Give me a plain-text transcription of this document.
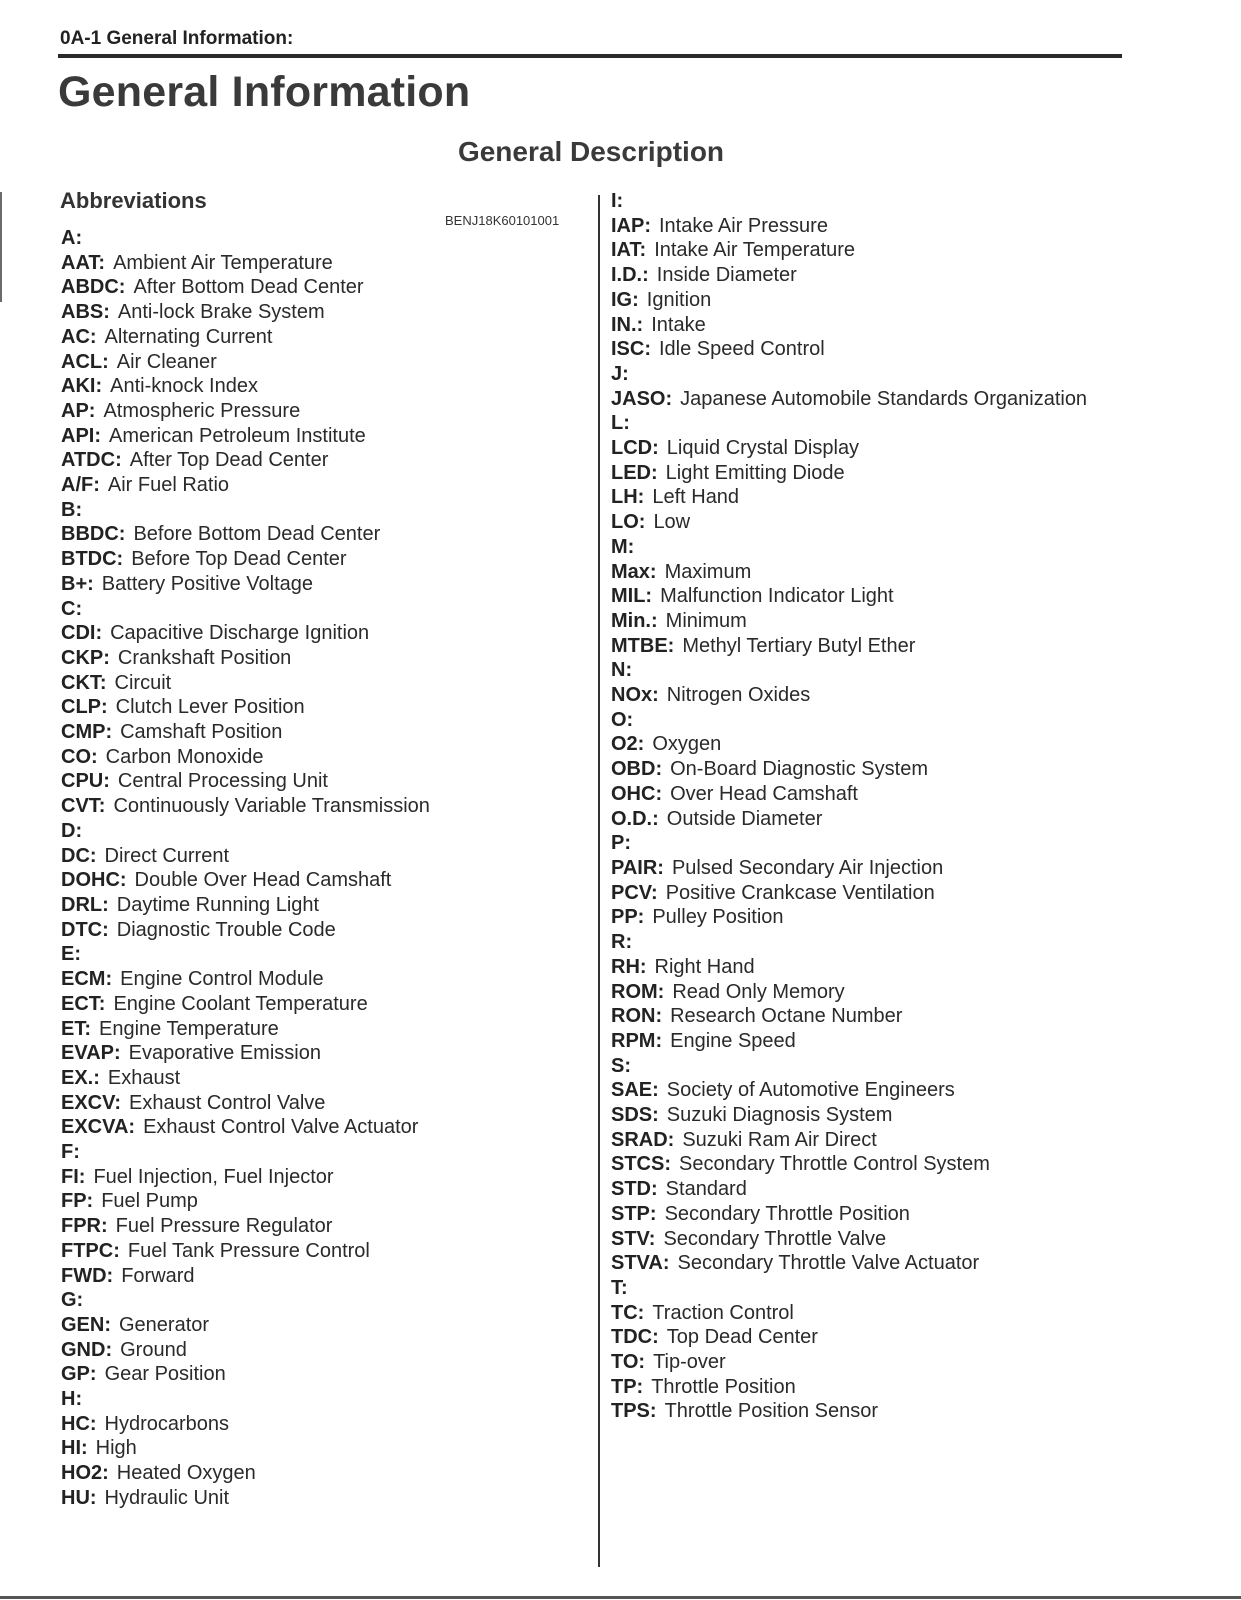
0A-1 General Information:
General Information
General Description
Abbreviations
BENJ18K60101001
A:
AAT: Ambient Air Temperature
ABDC: After Bottom Dead Center
ABS: Anti-lock Brake System
AC: Alternating Current
ACL: Air Cleaner
AKI: Anti-knock Index
AP: Atmospheric Pressure
API: American Petroleum Institute
ATDC: After Top Dead Center
A/F: Air Fuel Ratio
B:
BBDC: Before Bottom Dead Center
BTDC: Before Top Dead Center
B+: Battery Positive Voltage
C:
CDI: Capacitive Discharge Ignition
CKP: Crankshaft Position
CKT: Circuit
CLP: Clutch Lever Position
CMP: Camshaft Position
CO: Carbon Monoxide
CPU: Central Processing Unit
CVT: Continuously Variable Transmission
D:
DC: Direct Current
DOHC: Double Over Head Camshaft
DRL: Daytime Running Light
DTC: Diagnostic Trouble Code
E:
ECM: Engine Control Module
ECT: Engine Coolant Temperature
ET: Engine Temperature
EVAP: Evaporative Emission
EX.: Exhaust
EXCV: Exhaust Control Valve
EXCVA: Exhaust Control Valve Actuator
F:
FI: Fuel Injection, Fuel Injector
FP: Fuel Pump
FPR: Fuel Pressure Regulator
FTPC: Fuel Tank Pressure Control
FWD: Forward
G:
GEN: Generator
GND: Ground
GP: Gear Position
H:
HC: Hydrocarbons
HI: High
HO2: Heated Oxygen
HU: Hydraulic Unit
I:
IAP: Intake Air Pressure
IAT: Intake Air Temperature
I.D.: Inside Diameter
IG: Ignition
IN.: Intake
ISC: Idle Speed Control
J:
JASO: Japanese Automobile Standards Organization
L:
LCD: Liquid Crystal Display
LED: Light Emitting Diode
LH: Left Hand
LO: Low
M:
Max: Maximum
MIL: Malfunction Indicator Light
Min.: Minimum
MTBE: Methyl Tertiary Butyl Ether
N:
NOx: Nitrogen Oxides
O:
O2: Oxygen
OBD: On-Board Diagnostic System
OHC: Over Head Camshaft
O.D.: Outside Diameter
P:
PAIR: Pulsed Secondary Air Injection
PCV: Positive Crankcase Ventilation
PP: Pulley Position
R:
RH: Right Hand
ROM: Read Only Memory
RON: Research Octane Number
RPM: Engine Speed
S:
SAE: Society of Automotive Engineers
SDS: Suzuki Diagnosis System
SRAD: Suzuki Ram Air Direct
STCS: Secondary Throttle Control System
STD: Standard
STP: Secondary Throttle Position
STV: Secondary Throttle Valve
STVA: Secondary Throttle Valve Actuator
T:
TC: Traction Control
TDC: Top Dead Center
TO: Tip-over
TP: Throttle Position
TPS: Throttle Position Sensor
